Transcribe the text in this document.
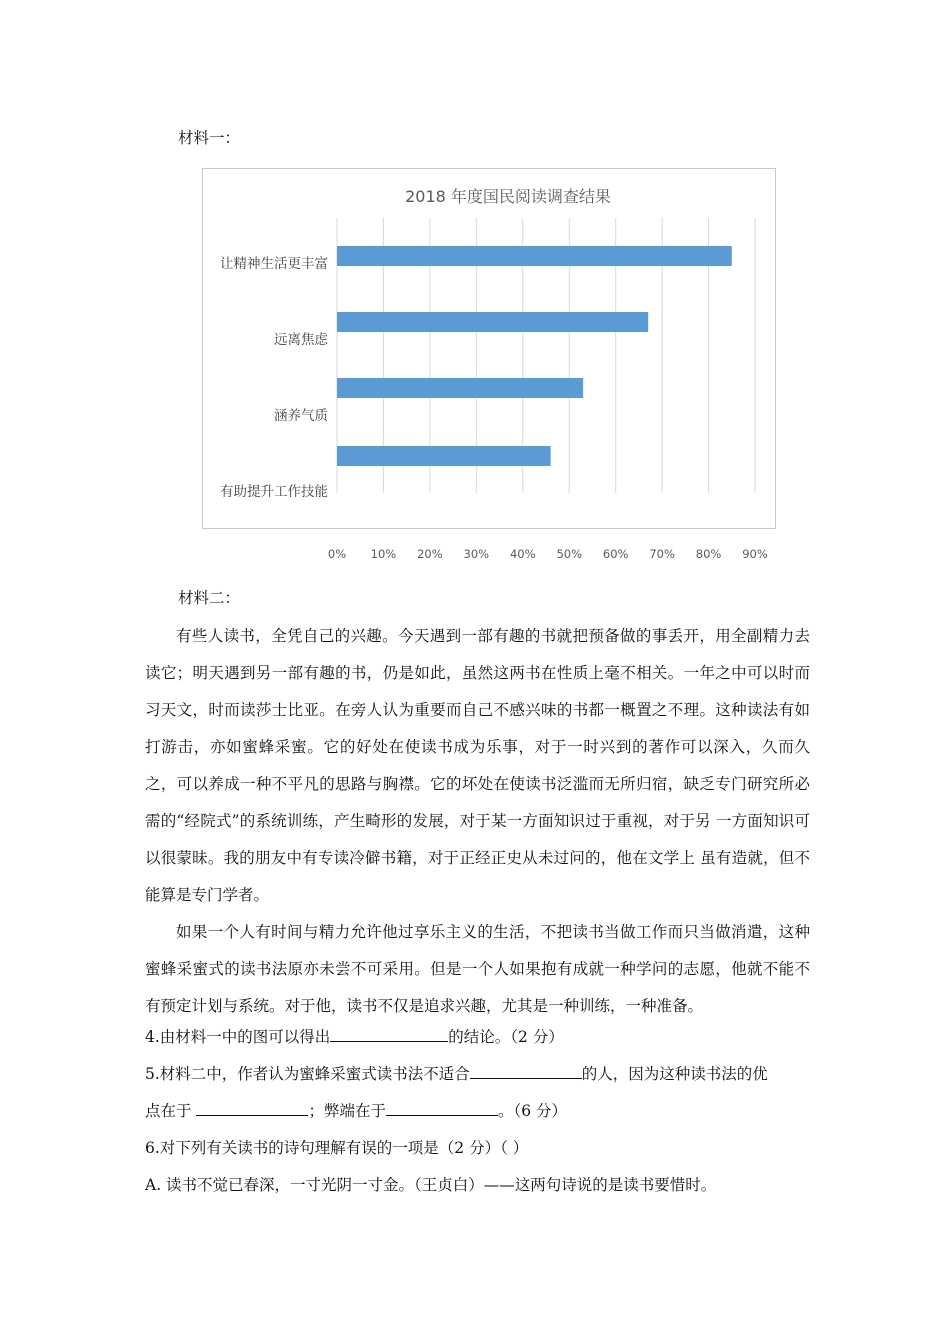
材料一：
2018 年度国民阅读调查结果
让精神生活更丰富
远离焦虑
涵养气质
有助提升工作技能
0% 10% 20% 30% 40% 50% 60% 70% 80% 90%
材料二：
有些人读书，全凭自己的兴趣。今天遇到一部有趣的书就把预备做的事丢开，用全副精力去读它；明天遇到另一部有趣的书，仍是如此，虽然这两书在性质上毫不相关。一年之中可以时而习天文，时而读莎士比亚。在旁人认为重要而自己不感兴味的书都一概置之不理。这种读法有如打游击，亦如蜜蜂采蜜。它的好处在使读书成为乐事，对于一时兴到的著作可以深入，久而久之，可以养成一种不平凡的思路与胸襟。它的坏处在使读书泛滥而无所归宿，缺乏专门研究所必需的“经院式”的系统训练，产生畸形的发展，对于某一方面知识过于重视，对于另 一方面知识可以很蒙昧。我的朋友中有专读冷僻书籍，对于正经正史从未过问的，他在文学上 虽有造就，但不能算是专门学者。
如果一个人有时间与精力允许他过享乐主义的生活，不把读书当做工作而只当做消遣，这种蜜蜂采蜜式的读书法原亦未尝不可采用。但是一个人如果抱有成就一种学问的志愿，他就不能不有预定计划与系统。对于他，读书不仅是追求兴趣，尤其是一种训练，一种准备。
4.由材料一中的图可以得出	的结论。（2 分）
5.材料二中，作者认为蜜蜂采蜜式读书法不适合	的人，因为这种读书法的优
点在于	；弊端在于	。（6 分）
6.对下列有关读书的诗句理解有误的一项是（2 分）（ ）
A. 读书不觉已春深，一寸光阴一寸金。（王贞白）——这两句诗说的是读书要惜时。
